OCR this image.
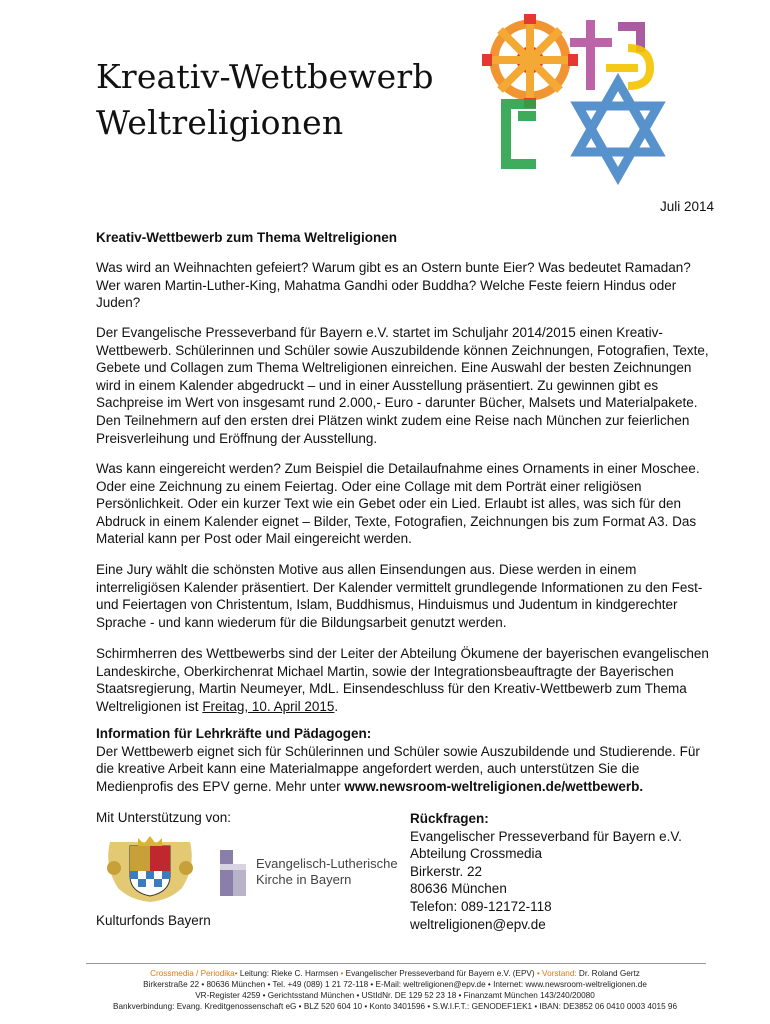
Kreativ-Wettbewerb
Weltreligionen
Juli 2014
Kreativ-Wettbewerb zum Thema Weltreligionen
Was wird an Weihnachten gefeiert? Warum gibt es an Ostern bunte Eier? Was bedeutet Ramadan? Wer waren Martin-Luther-King, Mahatma Gandhi oder Buddha? Welche Feste feiern Hindus oder Juden?
Der Evangelische Presseverband für Bayern e.V. startet im Schuljahr 2014/2015 einen Kreativ-Wettbewerb. Schülerinnen und Schüler sowie Auszubildende können Zeichnungen, Fotografien, Texte, Gebete und Collagen zum Thema Weltreligionen einreichen. Eine Auswahl der besten Zeichnungen wird in einem Kalender abgedruckt – und in einer Ausstellung präsentiert. Zu gewinnen gibt es Sachpreise im Wert von insgesamt rund 2.000,- Euro - darunter Bücher, Malsets und Materialpakete. Den Teilnehmern auf den ersten drei Plätzen winkt zudem eine Reise nach München zur feierlichen Preisverleihung und Eröffnung der Ausstellung.
Was kann eingereicht werden? Zum Beispiel die Detailaufnahme eines Ornaments in einer Moschee. Oder eine Zeichnung zu einem Feiertag. Oder eine Collage mit dem Porträt einer religiösen Persönlichkeit. Oder ein kurzer Text wie ein Gebet oder ein Lied. Erlaubt ist alles, was sich für den Abdruck in einem Kalender eignet – Bilder, Texte, Fotografien, Zeichnungen bis zum Format A3. Das Material kann per Post oder Mail eingereicht werden.
Eine Jury wählt die schönsten Motive aus allen Einsendungen aus. Diese werden in einem interreligiösen Kalender präsentiert. Der Kalender vermittelt grundlegende Informationen zu den Fest- und Feiertagen von Christentum, Islam, Buddhismus, Hinduismus und Judentum in kindgerechter Sprache - und kann wiederum für die Bildungsarbeit genutzt werden.
Schirmherren des Wettbewerbs sind der Leiter der Abteilung Ökumene der bayerischen evangelischen Landeskirche, Oberkirchenrat Michael Martin, sowie der Integrationsbeauftragte der Bayerischen Staatsregierung, Martin Neumeyer, MdL. Einsendeschluss für den Kreativ-Wettbewerb zum Thema Weltreligionen ist Freitag, 10. April 2015.
Information für Lehrkräfte und Pädagogen:
Der Wettbewerb eignet sich für Schülerinnen und Schüler sowie Auszubildende und Studierende. Für die kreative Arbeit kann eine Materialmappe angefordert werden, auch unterstützen Sie die Medienprofis des EPV gerne. Mehr unter www.newsroom-weltreligionen.de/wettbewerb.
Mit Unterstützung von:
Evangelisch-Lutherische
Kirche in Bayern
Kulturfonds Bayern
Rückfragen:
Evangelischer Presseverband für Bayern e.V.
Abteilung Crossmedia
Birkerstr. 22
80636 München
Telefon: 089-12172-118
weltreligionen@epv.de
Crossmedia / Periodika• Leitung: Rieke C. Harmsen • Evangelischer Presseverband für Bayern e.V. (EPV) • Vorstand: Dr. Roland Gertz
Birkerstraße 22 • 80636 München • Tel. +49 (089) 1 21 72-118 • E-Mail: weltreligionen@epv.de • Internet: www.newsroom-weltreligionen.de
VR-Register 4259 • Gerichtsstand München • UStIdNr. DE 129 52 23 18 • Finanzamt München 143/240/20080
Bankverbindung: Evang. Kreditgenossenschaft eG • BLZ 520 604 10 • Konto 3401596 • S.W.I.F.T.: GENODEF1EK1 • IBAN: DE3852 06 0410 0003 4015 96
